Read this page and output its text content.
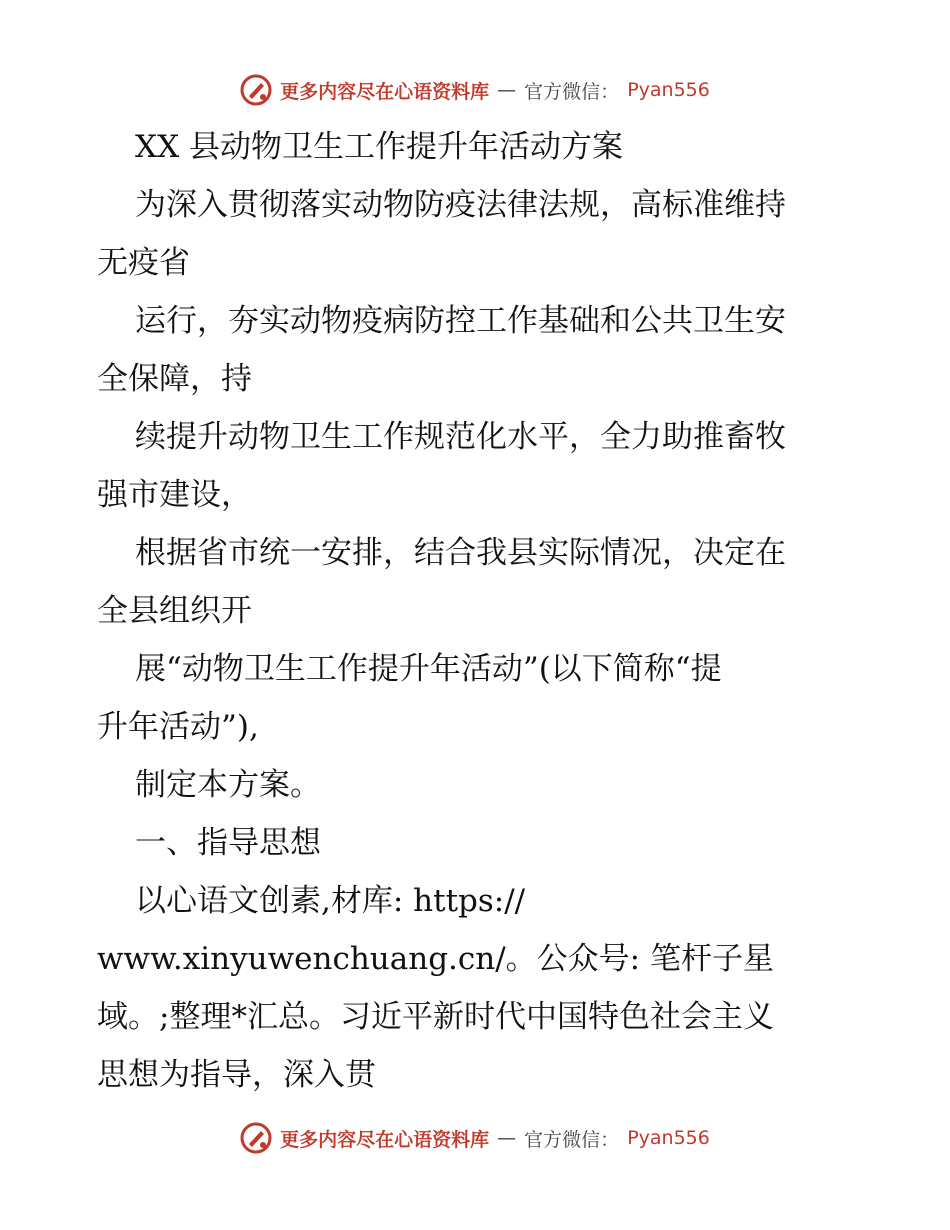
更多内容尽在心语资料库 — 官方微信： Pyan556
XX 县动物卫生工作提升年活动方案
为深入贯彻落实动物防疫法律法规，高标准维持
无疫省
运行，夯实动物疫病防控工作基础和公共卫生安
全保障，持
续提升动物卫生工作规范化水平，全力助推畜牧
强市建设，
根据省市统一安排，结合我县实际情况，决定在
全县组织开
展“动物卫生工作提升年活动”(以下简称“提
升年活动”),
制定本方案。
一、指导思想
以心语文创素,材库: https://
www.xinyuwenchuang.cn/。公众号: 笔杆子星
域。;整理*汇总。习近平新时代中国特色社会主义
思想为指导，深入贯
更多内容尽在心语资料库 — 官方微信： Pyan556
